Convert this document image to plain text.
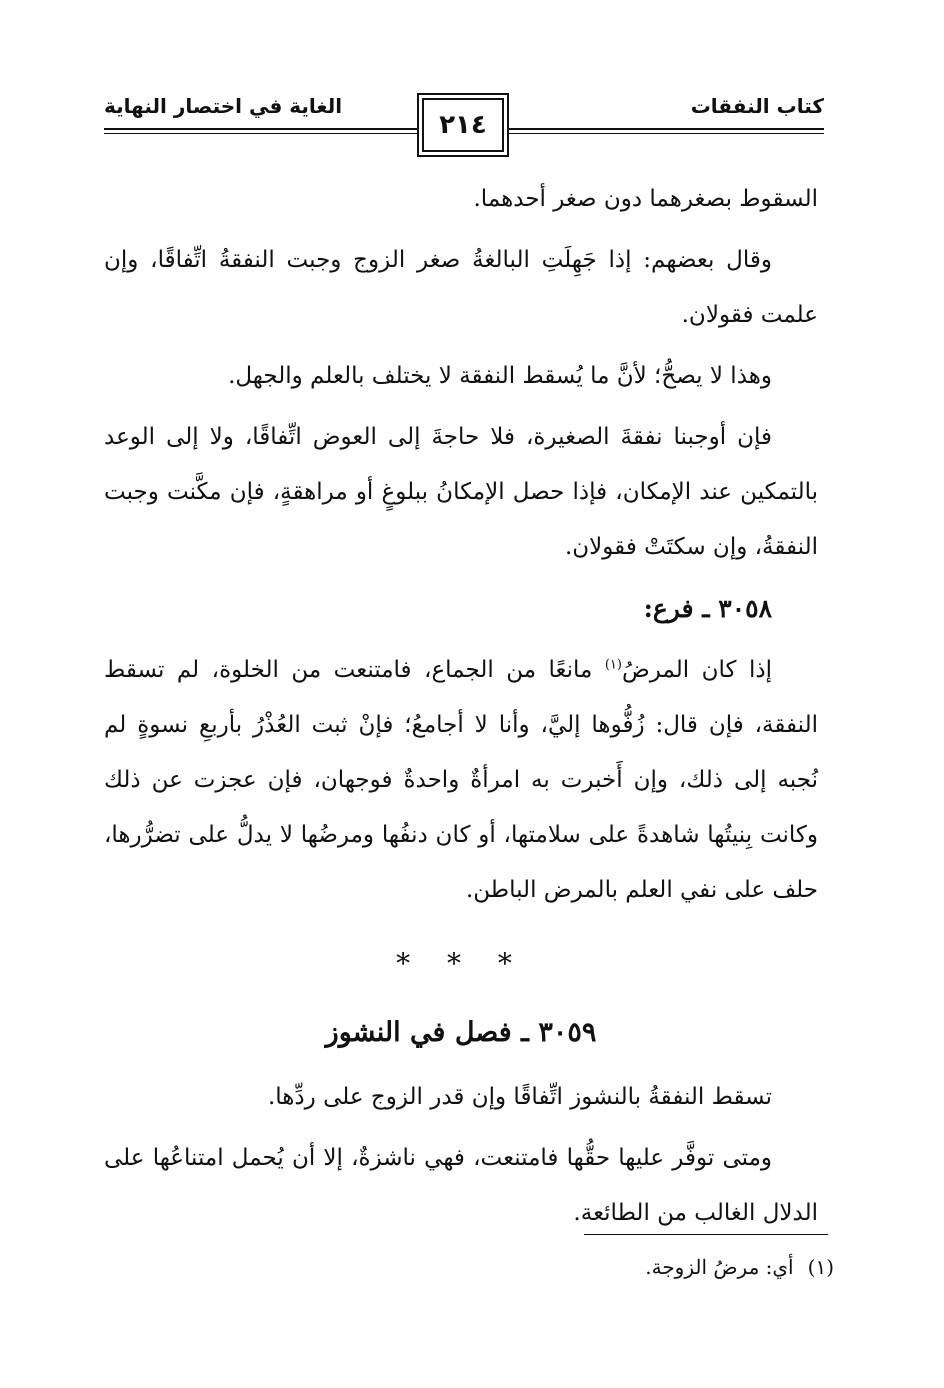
كتاب النفقات
الغاية في اختصار النهاية
٢١٤

السقوط بصغرهما دون صغر أحدهما.

وقال بعضهم: إذا جَهِلَتِ البالغةُ صغر الزوج وجبت النفقةُ اتِّفاقًا، وإن علمت فقولان.

وهذا لا يصحُّ؛ لأنَّ ما يُسقط النفقة لا يختلف بالعلم والجهل.

فإن أوجبنا نفقةَ الصغيرة، فلا حاجةَ إلى العوض اتِّفاقًا، ولا إلى الوعد بالتمكين عند الإمكان، فإذا حصل الإمكانُ ببلوغٍ أو مراهقةٍ، فإن مكَّنت وجبت النفقةُ، وإن سكتَتْ فقولان.

٣٠٥٨ ـ فرع:

إذا كان المرضُ$^{(١)}$ مانعًا من الجماع، فامتنعت من الخلوة، لم تسقط النفقة، فإن قال: زُفُّوها إليَّ، وأنا لا أجامعُ؛ فإنْ ثبت العُذْرُ بأربعِ نسوةٍ لم نُجبه إلى ذلك، وإن أَخبرت به امرأةٌ واحدةٌ فوجهان، فإن عجزت عن ذلك وكانت بِنيتُها شاهدةً على سلامتها، أو كان دنفُها ومرضُها لا يدلُّ على تضرُّرها، حلف على نفي العلم بالمرض الباطن.

* * *
٣٠٥٩ ـ فصل في النشوز

تسقط النفقةُ بالنشوز اتِّفاقًا وإن قدر الزوج على ردِّها.

ومتى توفَّر عليها حقُّها فامتنعت، فهي ناشزةٌ، إلا أن يُحمل امتناعُها على الدلال الغالب من الطائعة.

(١)أي: مرضُ الزوجة.
